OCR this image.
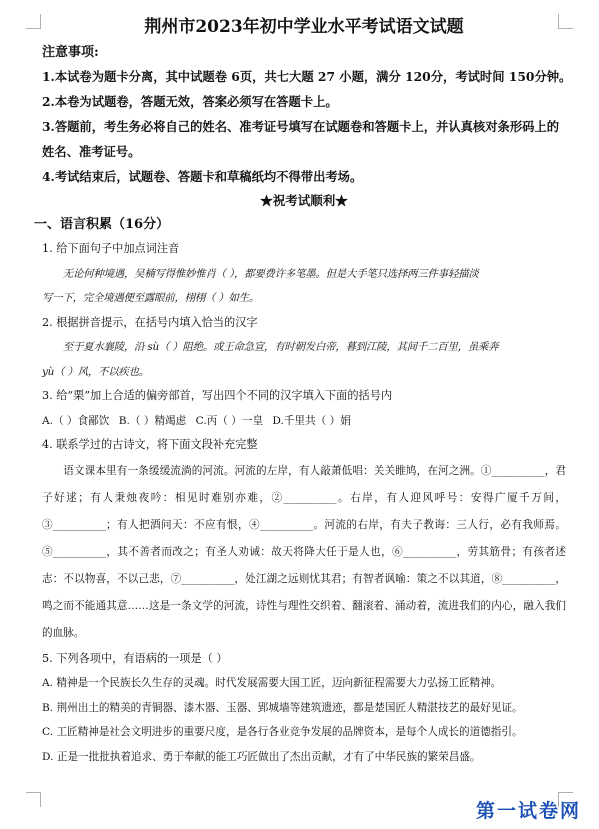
荆州市2023年初中学业水平考试语文试题
注意事项:
1.本试卷为题卡分离，其中试题卷 6页，共七大题 27 小题，满分 120分，考试时间 150分钟。
2.本卷为试题卷，答题无效，答案必须写在答题卡上。
3.答题前，考生务必将自己的姓名、准考证号填写在试题卷和答题卡上，并认真核对条形码上的姓名、准考证号。
4.考试结束后，试题卷、答题卡和草稿纸均不得带出考场。
★祝考试顺利★
一、语言积累（16分）
1. 给下面句子中加点词注音
无论何种境遇，吴楠写得惟妙惟肖（ ），都要费许多笔墨。但是大手笔只选择两三件事轻描淡
写一下，完全境遇便至露眼前，栩栩（ ）如生。
2. 根据拼音提示，在括号内填入恰当的汉字
至于夏水襄陵，沿 sù（ ）阻绝。或王命急宣，有时朝发白帝，暮到江陵，其间千二百里，虽乘奔
yù（ ）风，不以疾也。
3. 给“栗”加上合适的偏旁部首，写出四个不同的汉字填入下面的括号内
A.（ ）食鄙饮 B.（ ）精竭虑 C.丙（ ）一皇 D.千里共（ ）娟
4. 联系学过的古诗文，将下面文段补充完整
语文课本里有一条缓缓流淌的河流。河流的左岸，有人敲萧低唱：关关睢鸠，在河之洲。①__________，君子好逑；有人秉烛夜吟：相见时难别亦难，②__________。右岸，有人迎风呼号：安得广厦千万间，③__________；有人把酒问天：不应有恨，④__________。河流的右岸，有夫子教诲：三人行，必有我师焉。⑤__________，其不善者而改之；有圣人劝诫：故天将降大任于是人也，⑥__________，劳其筋骨；有孩者述志：不以物喜，不以己悲，⑦__________，处江湖之远则忧其君；有智者讽喻：策之不以其道，⑧__________，鸣之而不能通其意……这是一条文学的河流，诗性与理性交织着、翻滚着、涌动着，流进我们的内心，融入我们的血脉。
5. 下列各项中，有语病的一项是（ ）
A. 精神是一个民族长久生存的灵魂。时代发展需要大国工匠，迈向新征程需要大力弘扬工匠精神。
B. 荆州出土的精美的青铜器、漆木器、玉器、郢城墙等建筑遗迹，都是楚国匠人精湛技艺的最好见证。
C. 工匠精神是社会文明进步的重要尺度，是各行各业竞争发展的品牌资本，是每个人成长的道德指引。
D. 正是一批批执着追求、勇于奉献的能工巧匠做出了杰出贡献，才有了中华民族的繁荣昌盛。
第一试卷网
